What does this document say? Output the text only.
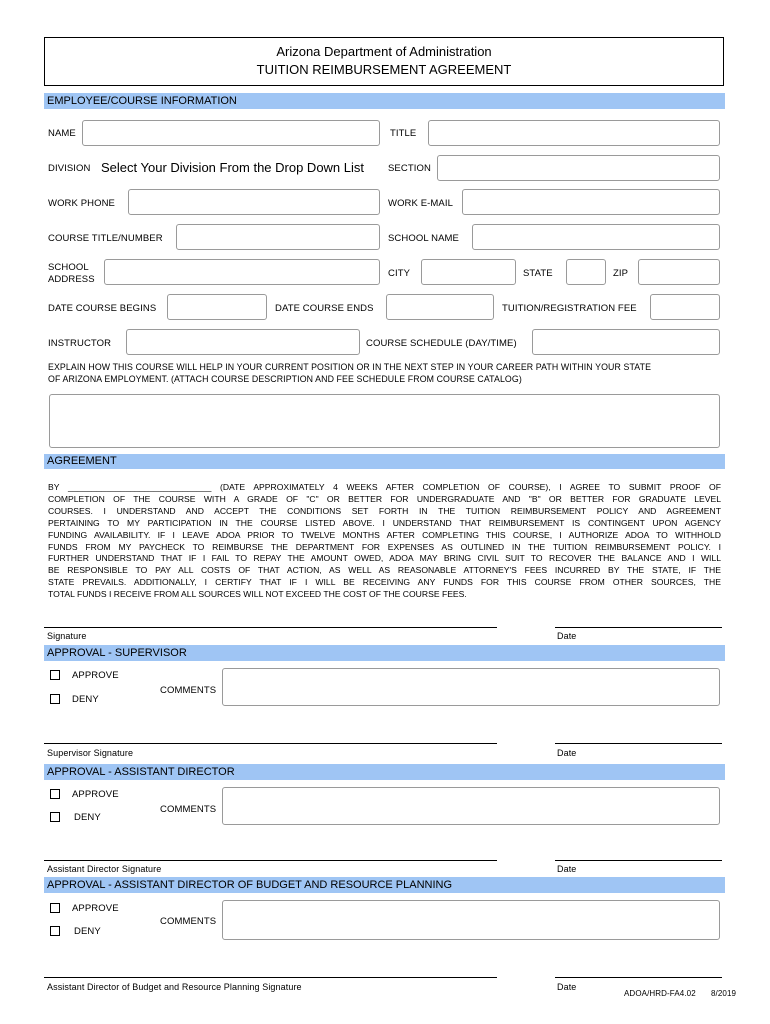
Arizona Department of Administration
TUITION REIMBURSEMENT AGREEMENT
EMPLOYEE/COURSE INFORMATION
NAME	TITLE
DIVISION Select Your Division From the Drop Down List	SECTION
WORK PHONE	WORK E-MAIL
COURSE TITLE/NUMBER	SCHOOL NAME
SCHOOL
ADDRESS
CITY	STATE	ZIP
DATE COURSE BEGINS	DATE COURSE ENDS	TUITION/REGISTRATION FEE
INSTRUCTOR	COURSE SCHEDULE (DAY/TIME)
EXPLAIN HOW THIS COURSE WILL HELP IN YOUR CURRENT POSITION OR IN THE NEXT STEP IN YOUR CAREER PATH WITHIN YOUR STATE
OF ARIZONA EMPLOYMENT. (ATTACH COURSE DESCRIPTION AND FEE SCHEDULE FROM COURSE CATALOG)
AGREEMENT
BY ______________________________ (DATE APPROXIMATELY 4 WEEKS AFTER COMPLETION OF COURSE), I AGREE TO SUBMIT PROOF OF
COMPLETION OF THE COURSE WITH A GRADE OF "C" OR BETTER FOR UNDERGRADUATE AND "B" OR BETTER FOR GRADUATE LEVEL
COURSES. I UNDERSTAND AND ACCEPT THE CONDITIONS SET FORTH IN THE TUITION REIMBURSEMENT POLICY AND AGREEMENT
PERTAINING TO MY PARTICIPATION IN THE COURSE LISTED ABOVE. I UNDERSTAND THAT REIMBURSEMENT IS CONTINGENT UPON AGENCY
FUNDING AVAILABILITY. IF I LEAVE ADOA PRIOR TO TWELVE MONTHS AFTER COMPLETING THIS COURSE, I AUTHORIZE ADOA TO WITHHOLD
FUNDS FROM MY PAYCHECK TO REIMBURSE THE DEPARTMENT FOR EXPENSES AS OUTLINED IN THE TUITION REIMBURSEMENT POLICY. I
FURTHER UNDERSTAND THAT IF I FAIL TO REPAY THE AMOUNT OWED, ADOA MAY BRING CIVIL SUIT TO RECOVER THE BALANCE AND I WILL
BE RESPONSIBLE TO PAY ALL COSTS OF THAT ACTION, AS WELL AS REASONABLE ATTORNEY'S FEES INCURRED BY THE STATE, IF THE
STATE PREVAILS. ADDITIONALLY, I CERTIFY THAT IF I WILL BE RECEIVING ANY FUNDS FOR THIS COURSE FROM OTHER SOURCES, THE
TOTAL FUNDS I RECEIVE FROM ALL SOURCES WILL NOT EXCEED THE COST OF THE COURSE FEES.
Signature	Date
APPROVAL - SUPERVISOR
APPROVE
DENY
COMMENTS
Supervisor Signature	Date
APPROVAL - ASSISTANT DIRECTOR
APPROVE
DENY
COMMENTS
Assistant Director Signature	Date
APPROVAL - ASSISTANT DIRECTOR OF BUDGET AND RESOURCE PLANNING
APPROVE
DENY
COMMENTS
Assistant Director of Budget and Resource Planning Signature	Date
ADOA/HRD-FA4.02 8/2019
